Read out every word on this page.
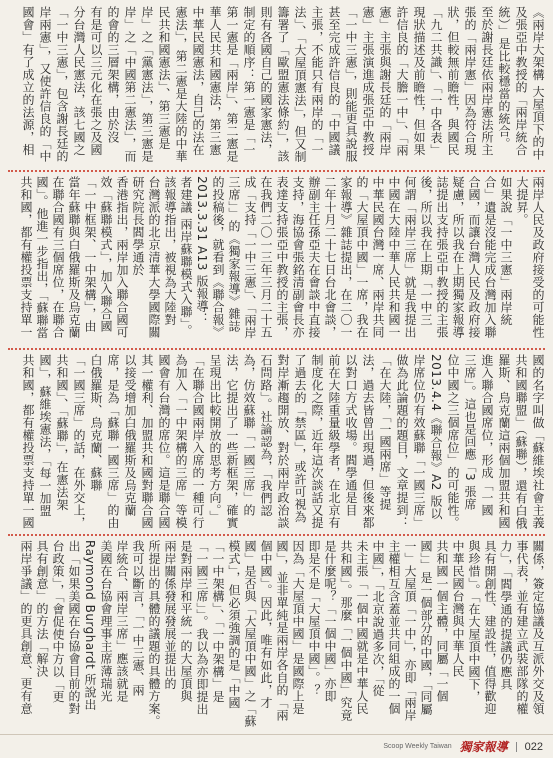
《兩岸大架構 大屋頂下的中
及張亞中教授的「兩岸統合
統）」是比較穩當的統合。
至於謝長廷依兩岸憲法所主
張的「兩岸憲」因為符合現
狀，但較無前瞻性，與國民
「九二共識」、「一中各表」
現狀描述及前瞻性，但如果
許信良的「大膽一中」、「兩
憲」主張與謝長廷的「兩岸
憲」主張演進成張亞中教授
「一中三憲」，則能更具說服
甚至完成許信良的「中國議
主張，不能只有兩岸的「一
法」、「大屋頂憲法」，但又制
籌署了「歐盟憲法條約」，該
則有各國自己的國家憲法，
制定的順序：第一憲是「一
第一憲是「兩岸」、第二憲是
華人民共和國憲法，第三憲
中華民國憲法，自己的法在
憲法」，第二憲是大陸的中華
民共和國憲法」、第三憲是
岸」之「黨憲法」，第三憲是
岸」之「中國第二憲法」，而
的會的三層架構，由於沒
有是可以三元化在張之及國
分台灣人民憲法，該七國之
「一中三憲」，包含謝長廷的
岸兩憲」，又使許信良的「中
國會」有了成立的法源，相
兩岸人民及政府接受的可能性
大提昇。
如果說「一中三憲」兩岸統
合」遺是沒能完成台灣加入聯
合國，而讓台灣人民及政府接
疑慮，所以我在上期獨家報導
誌提出支持張亞中教授的主張
後，所以我在上期「一中三
何謂「兩岸三席」就是我提出
中國在大陸中華人民共和國一
中華民國台灣一席、兩岸共同
的「大屋頂中國」一席，我在
家報導》雜誌提出，在二〇一
二年十月二十七日台北會談，
辦副主任孫亞夫在會談中直接
支持，海協會張銘清副會長亦
表達支持張亞中教授的主張，
在我們二〇一三年三月二十五
成「支持「一中三憲」、「兩岸
三席」」的《獨家報導》雜誌
的投稿後，就看到《聯合報》
2013.3.31 A13 版報導：
者建議 兩岸蘇聯模式入聯」。
該報導指出，被視為大陸對
台灣派的北京清華大學國際關
研究院長閻學通於
香港指出，兩岸加入聯合國可
效「蘇聯模式」，加入聯合國
「一中框架、一中架構」，由
當年蘇聯與白俄羅斯及烏克蘭
在聯合國有三個席位，在聯合
國」。他進一步指出，「蘇聯當
共和國，都有權投票支持單一
國的名字叫做「蘇維埃社會主義
共和國聯盟」（蘇聯），還有白俄
羅斯、烏克蘭這兩個加盟共和國
進入聯合國席位，形成「一國
三席」。這也是回應「3 張席
位中國之三個席位」的可能性。
2013.4.4《聯合報》A2 版以
岸席位仍有效蘇聯「一國三席」
做為此論題的題目，文章提到：
「在大陸，「一國兩席」等提
法，過去皆曾出現過，但後來都
以對口方式收場。閻學通是目
前在大陸重量級學者，在北京有
制度化之際，近年這次談話又提
了過去的「禁區」，或許可視為
對岸漸趨開放、對於兩岸政治談
石問路」。社論認為，「我們認
為，仿效蘇聯「一國三席」的
法，它提出了一些新框架，確實
呈現出比較開放的思考方向。」
「在聯合國兩岸入席的一種可行
為加入「一中架構的三席」等模
國會有台灣的席位。這是聯合國
其一權利、加盟共和國對聯合國
以接受增加白俄羅斯及烏克蘭
席，是為「蘇聯一國三席」的由
白俄羅斯、烏克蘭、蘇聯
「一國三席」的話，在外交上，
共和國」、「蘇聯」，在憲法架
國」，蘇維埃憲法，「每一加盟
共和國，都有權投票支持單一國
關係，簽定協議及互派外交及領
事代表，並有建立武裝部隊的權
力」，「閻學通的提議仍應具
具有開創性、建設性，值得歡迎
與珍惜」。「在大屋頂中國下，
中華民國台灣與中華人民
共和國一個主體，同屬「一個
國」」是一個部分的中國，「同屬
一」大屋頂「一中」，亦即「兩岸
主權相互含蓋並共同組成的一個
中國」，「北京說過多次，「從
未主張「一個中國就是中華人民
共和國」。那麼「一個中國」究竟
是什麼呢？「一個中國」亦即
即是不是「大屋頂中國」。？
因為「大屋頂中國」是國際上是
國」，並非單純是兩岸各自的「兩
個中國」。因此，唯有如此，才
國」是否與「大屋頂中國」之「蘇
模式」，但必須強調的是「中國
「一中架構」、「一中架構」是
「一國三席」」。我以為亦即提出
是對兩岸和平統一的大屋頂與
兩岸關係發展發展並提出的
所提出的具體的議題的具體方案。
我可以斷言，「一中三憲、兩
岸統合、兩岸三席」應該就是
美國在台協會理事主席薄瑞光
Raymond Burghardt 所說出
出「如果美國在台協會目前的對
台政策」，「會促使中方以「更
具有創意」的方法「解決
兩岸爭議」的更具創意、更有意
Scoop Weekly Taiwan 獨家報導 022
